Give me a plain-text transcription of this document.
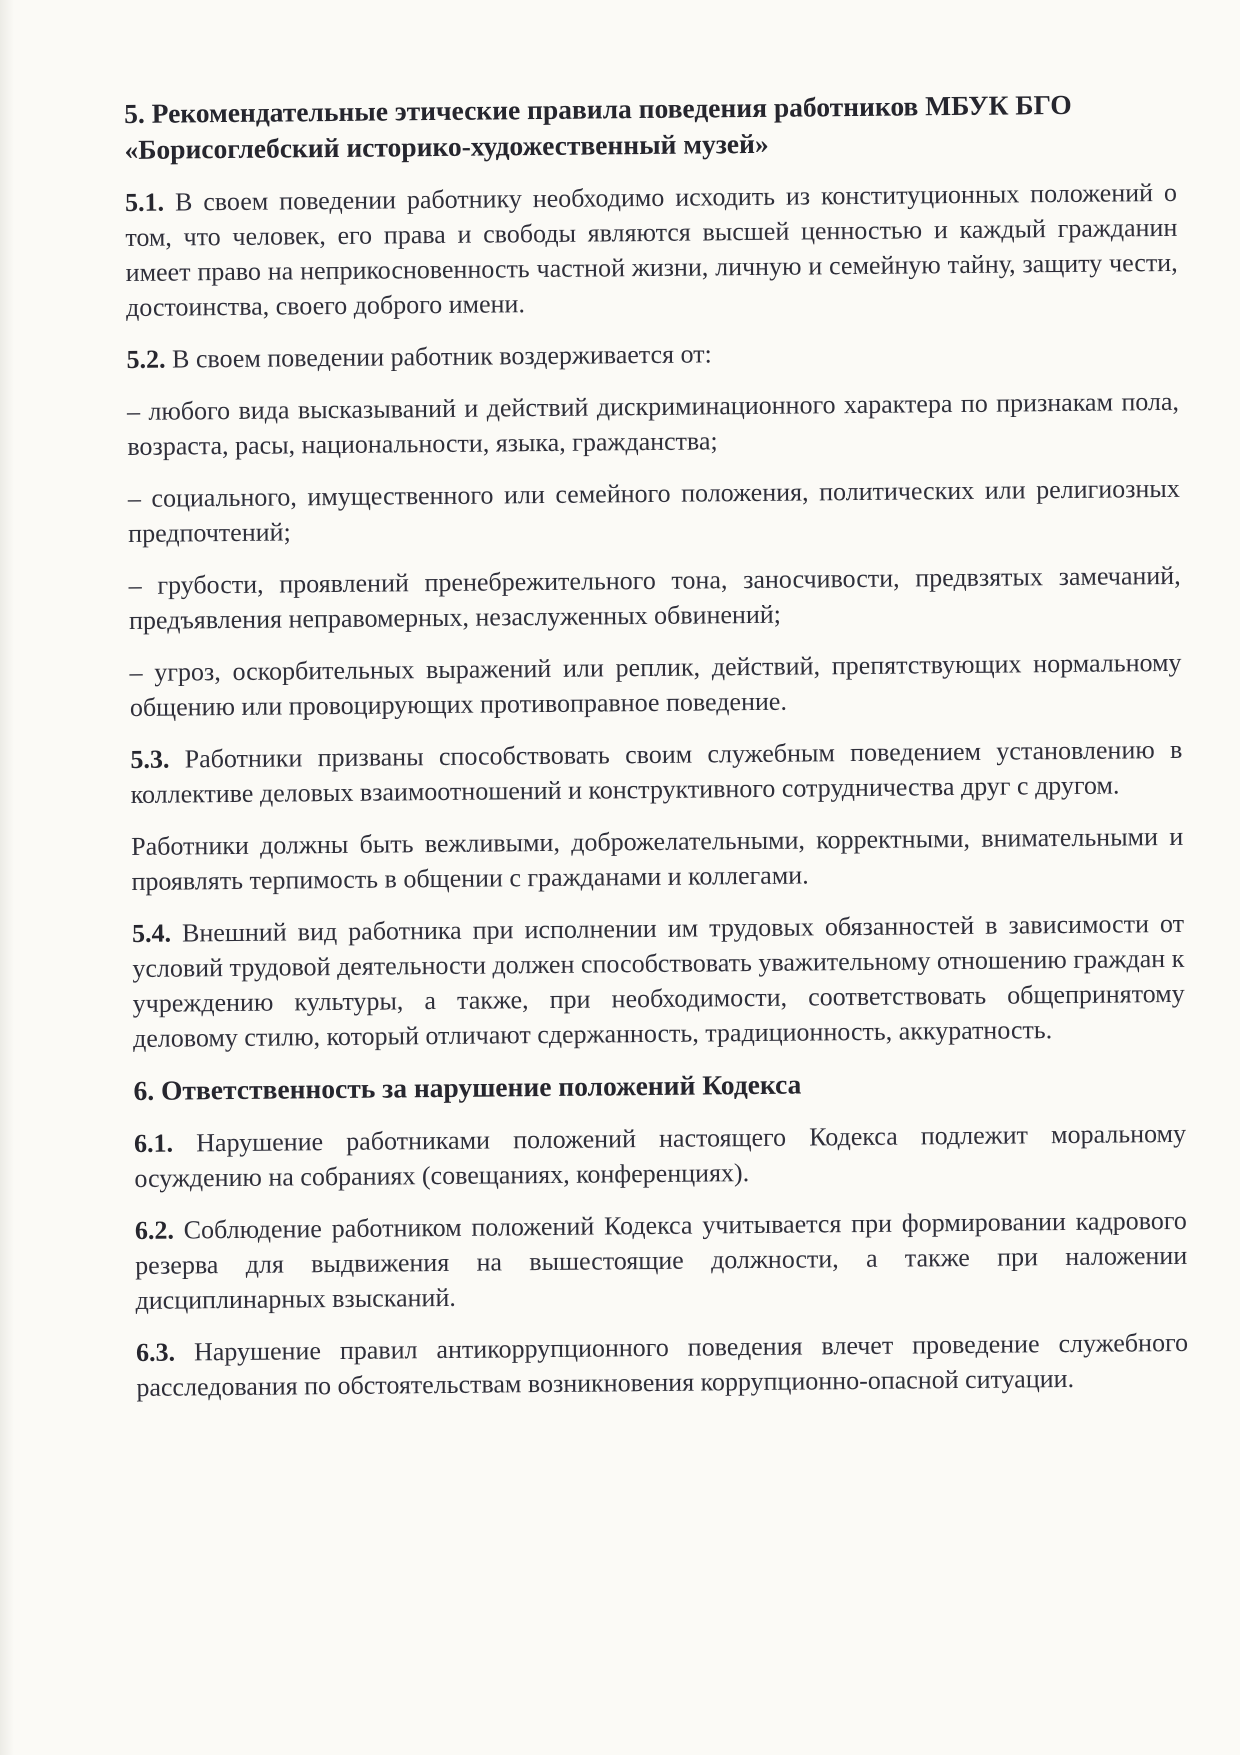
5. Рекомендательные этические правила поведения работников МБУК БГО «Борисоглебский историко-художественный музей»
5.1. В своем поведении работнику необходимо исходить из конституционных положений о том, что человек, его права и свободы являются высшей ценностью и каждый гражданин имеет право на неприкосновенность частной жизни, личную и семейную тайну, защиту чести, достоинства, своего доброго имени.
5.2. В своем поведении работник воздерживается от:
– любого вида высказываний и действий дискриминационного характера по признакам пола, возраста, расы, национальности, языка, гражданства;
– социального, имущественного или семейного положения, политических или религиозных предпочтений;
– грубости, проявлений пренебрежительного тона, заносчивости, предвзятых замечаний, предъявления неправомерных, незаслуженных обвинений;
– угроз, оскорбительных выражений или реплик, действий, препятствующих нормальному общению или провоцирующих противоправное поведение.
5.3. Работники призваны способствовать своим служебным поведением установлению в коллективе деловых взаимоотношений и конструктивного сотрудничества друг с другом.
Работники должны быть вежливыми, доброжелательными, корректными, внимательными и проявлять терпимость в общении с гражданами и коллегами.
5.4. Внешний вид работника при исполнении им трудовых обязанностей в зависимости от условий трудовой деятельности должен способствовать уважительному отношению граждан к учреждению культуры, а также, при необходимости, соответствовать общепринятому деловому стилю, который отличают сдержанность, традиционность, аккуратность.
6. Ответственность за нарушение положений Кодекса
6.1. Нарушение работниками положений настоящего Кодекса подлежит моральному осуждению на собраниях (совещаниях, конференциях).
6.2. Соблюдение работником положений Кодекса учитывается при формировании кадрового резерва для выдвижения на вышестоящие должности, а также при наложении дисциплинарных взысканий.
6.3. Нарушение правил антикоррупционного поведения влечет проведение служебного расследования по обстоятельствам возникновения коррупционно-опасной ситуации.
